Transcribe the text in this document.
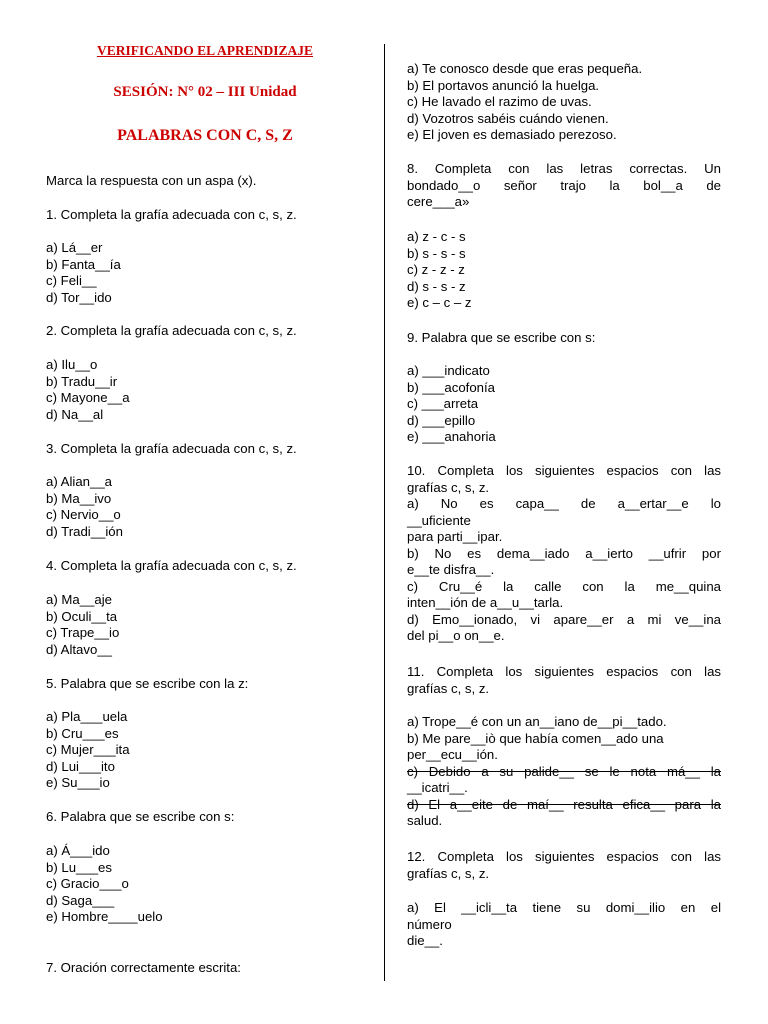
VERIFICANDO EL APRENDIZAJE
SESIÓN: N° 02 – III Unidad
PALABRAS CON C, S, Z
Marca la respuesta con un aspa (x).
1. Completa la grafía adecuada con c, s, z.
a) Lá__er
b) Fanta__ía
c) Feli__
d) Tor__ido
2. Completa la grafía adecuada con c, s, z.
a) Ilu__o
b) Tradu__ir
c) Mayone__a
d) Na__al
3. Completa la grafía adecuada con c, s, z.
a) Alian__a
b) Ma__ivo
c) Nervio__o
d) Tradi__ión
4. Completa la grafía adecuada con c, s, z.
a) Ma__aje
b) Oculi__ta
c) Trape__io
d) Altavo__
5. Palabra que se escribe con la z:
a) Pla___uela
b) Cru___es
c) Mujer___ita
d) Lui___ito
e) Su___io
6. Palabra que se escribe con s:
a) Á___ido
b) Lu___es
c) Gracio___o
d) Saga___
e) Hombre____uelo
7. Oración correctamente escrita:
a) Te conosco desde que eras pequeña.
b) El portavos anunció la huelga.
c) He lavado el razimo de uvas.
d) Vozotros sabéis cuándo vienen.
e) El joven es demasiado perezoso.
8. Completa con las letras correctas. Un
bondado__o señor trajo la bol__a de
cere___a»
a) z - c - s
b) s - s - s
c) z - z - z
d) s - s - z
e) c – c – z
9. Palabra que se escribe con s:
a) ___indicato
b) ___acofonía
c) ___arreta
d) ___epillo
e) ___anahoria
10. Completa los siguientes espacios con las
grafías c, s, z.
a) No es capa__ de a__ertar__e lo
__uficiente
para parti__ipar.
b) No es dema__iado a__ierto __ufrir por
e__te disfra__.
c) Cru__é la calle con la me__quina
inten__ión de a__u__tarla.
d) Emo__ionado, vi apare__er a mi ve__ina
del pi__o on__e.
11. Completa los siguientes espacios con las
grafías c, s, z.
a) Trope__é con un an__iano de__pi__tado.
b) Me pare__iò que había comen__ado una
per__ecu__ión.
c) Debido a su palide__ se le nota má__ la
__icatri__.
d) El a__eite de maí__ resulta efica__ para la
salud.
12. Completa los siguientes espacios con las
grafías c, s, z.
a) El __icli__ta tiene su domi__ilio en el
número
die__.
